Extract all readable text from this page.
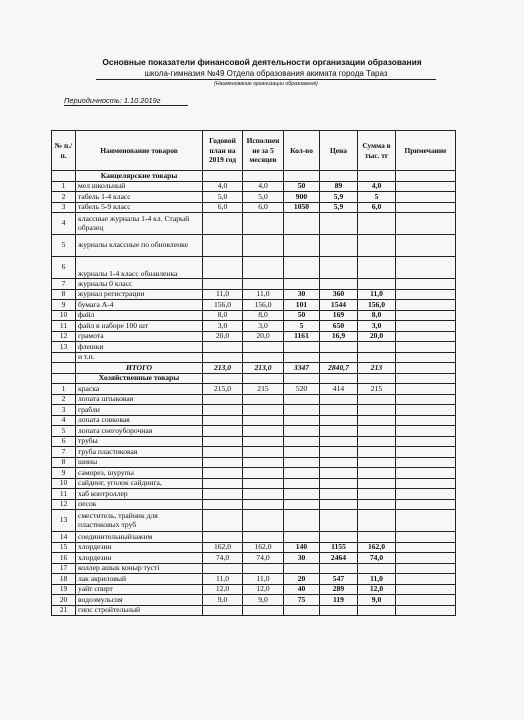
Основные показатели финансовой деятельности организации образования
школа-гимназия №49 Отдела образования акимата города Тараз
(Наименование организации образования)
Периодичность: 1.10.2019г
№ п./п.	Наименование товаров	Годовой план на 2019 год	Исполнен не за 5 месяцев	Кол-во	Цена	Сумма в тыс. тг	Примечание
	Канцелярские товары						
1	мел школьный	4,0	4,0	50	89	4,0	
2	табель 1-4 класс	5,0	5,0	900	5,9	5	
3	табель 5-9 класс	6,0	6,0	1050	5,9	6,0	
4	классные журналы 1-4 кл. Старый образец						
5	журналы классные по обновленке						
6	журналы 1-4 класс обнавленка						
7	журналы 0 класс						
8	журнал регистрации	11,0	11,0	30	360	11,0	
9	бумага А-4	156,0	156,0	101	1544	156,0	
10	файл	8,0	8,0	50	169	8,0	
11	файл в наборе 100 шт	3,0	3,0	5	650	3,0	
12	грамота	20,0	20,0	1161	16,9	20,0	
13	флешки						
	и т.п.						
	ИТОГО	213,0	213,0	3347	2840,7	213	
	Хозяйственные товары						
1	краска	215,0	215	520	414	215	
2	лопата штыковая						
3	грабли						
4	лопата совковая						
5	лопата снегоуборочная						
6	трубы						
7	труба пластиковая						
8	шины						
9	саморез, шурупы						
10	сайдинг, уголок сайдинга,						
11	хаб контроллер						
12	песок						
13	сместитель, трайник для пластиковых труб						
14	соединительныйзажим						
15	хлордезин	162,0	162,0	140	1155	162,0	
16	хлордезин	74,0	74,0	30	2464	74,0	
17	коллер ашык коныр тусті						
18	лак акриловый	11,0	11,0	20	547	11,0	
19	уайт спирт	12,0	12,0	40	289	12,0	
20	водоэмульсия	9,0	9,0	75	119	9,0	
21	гипс стройтельный						
